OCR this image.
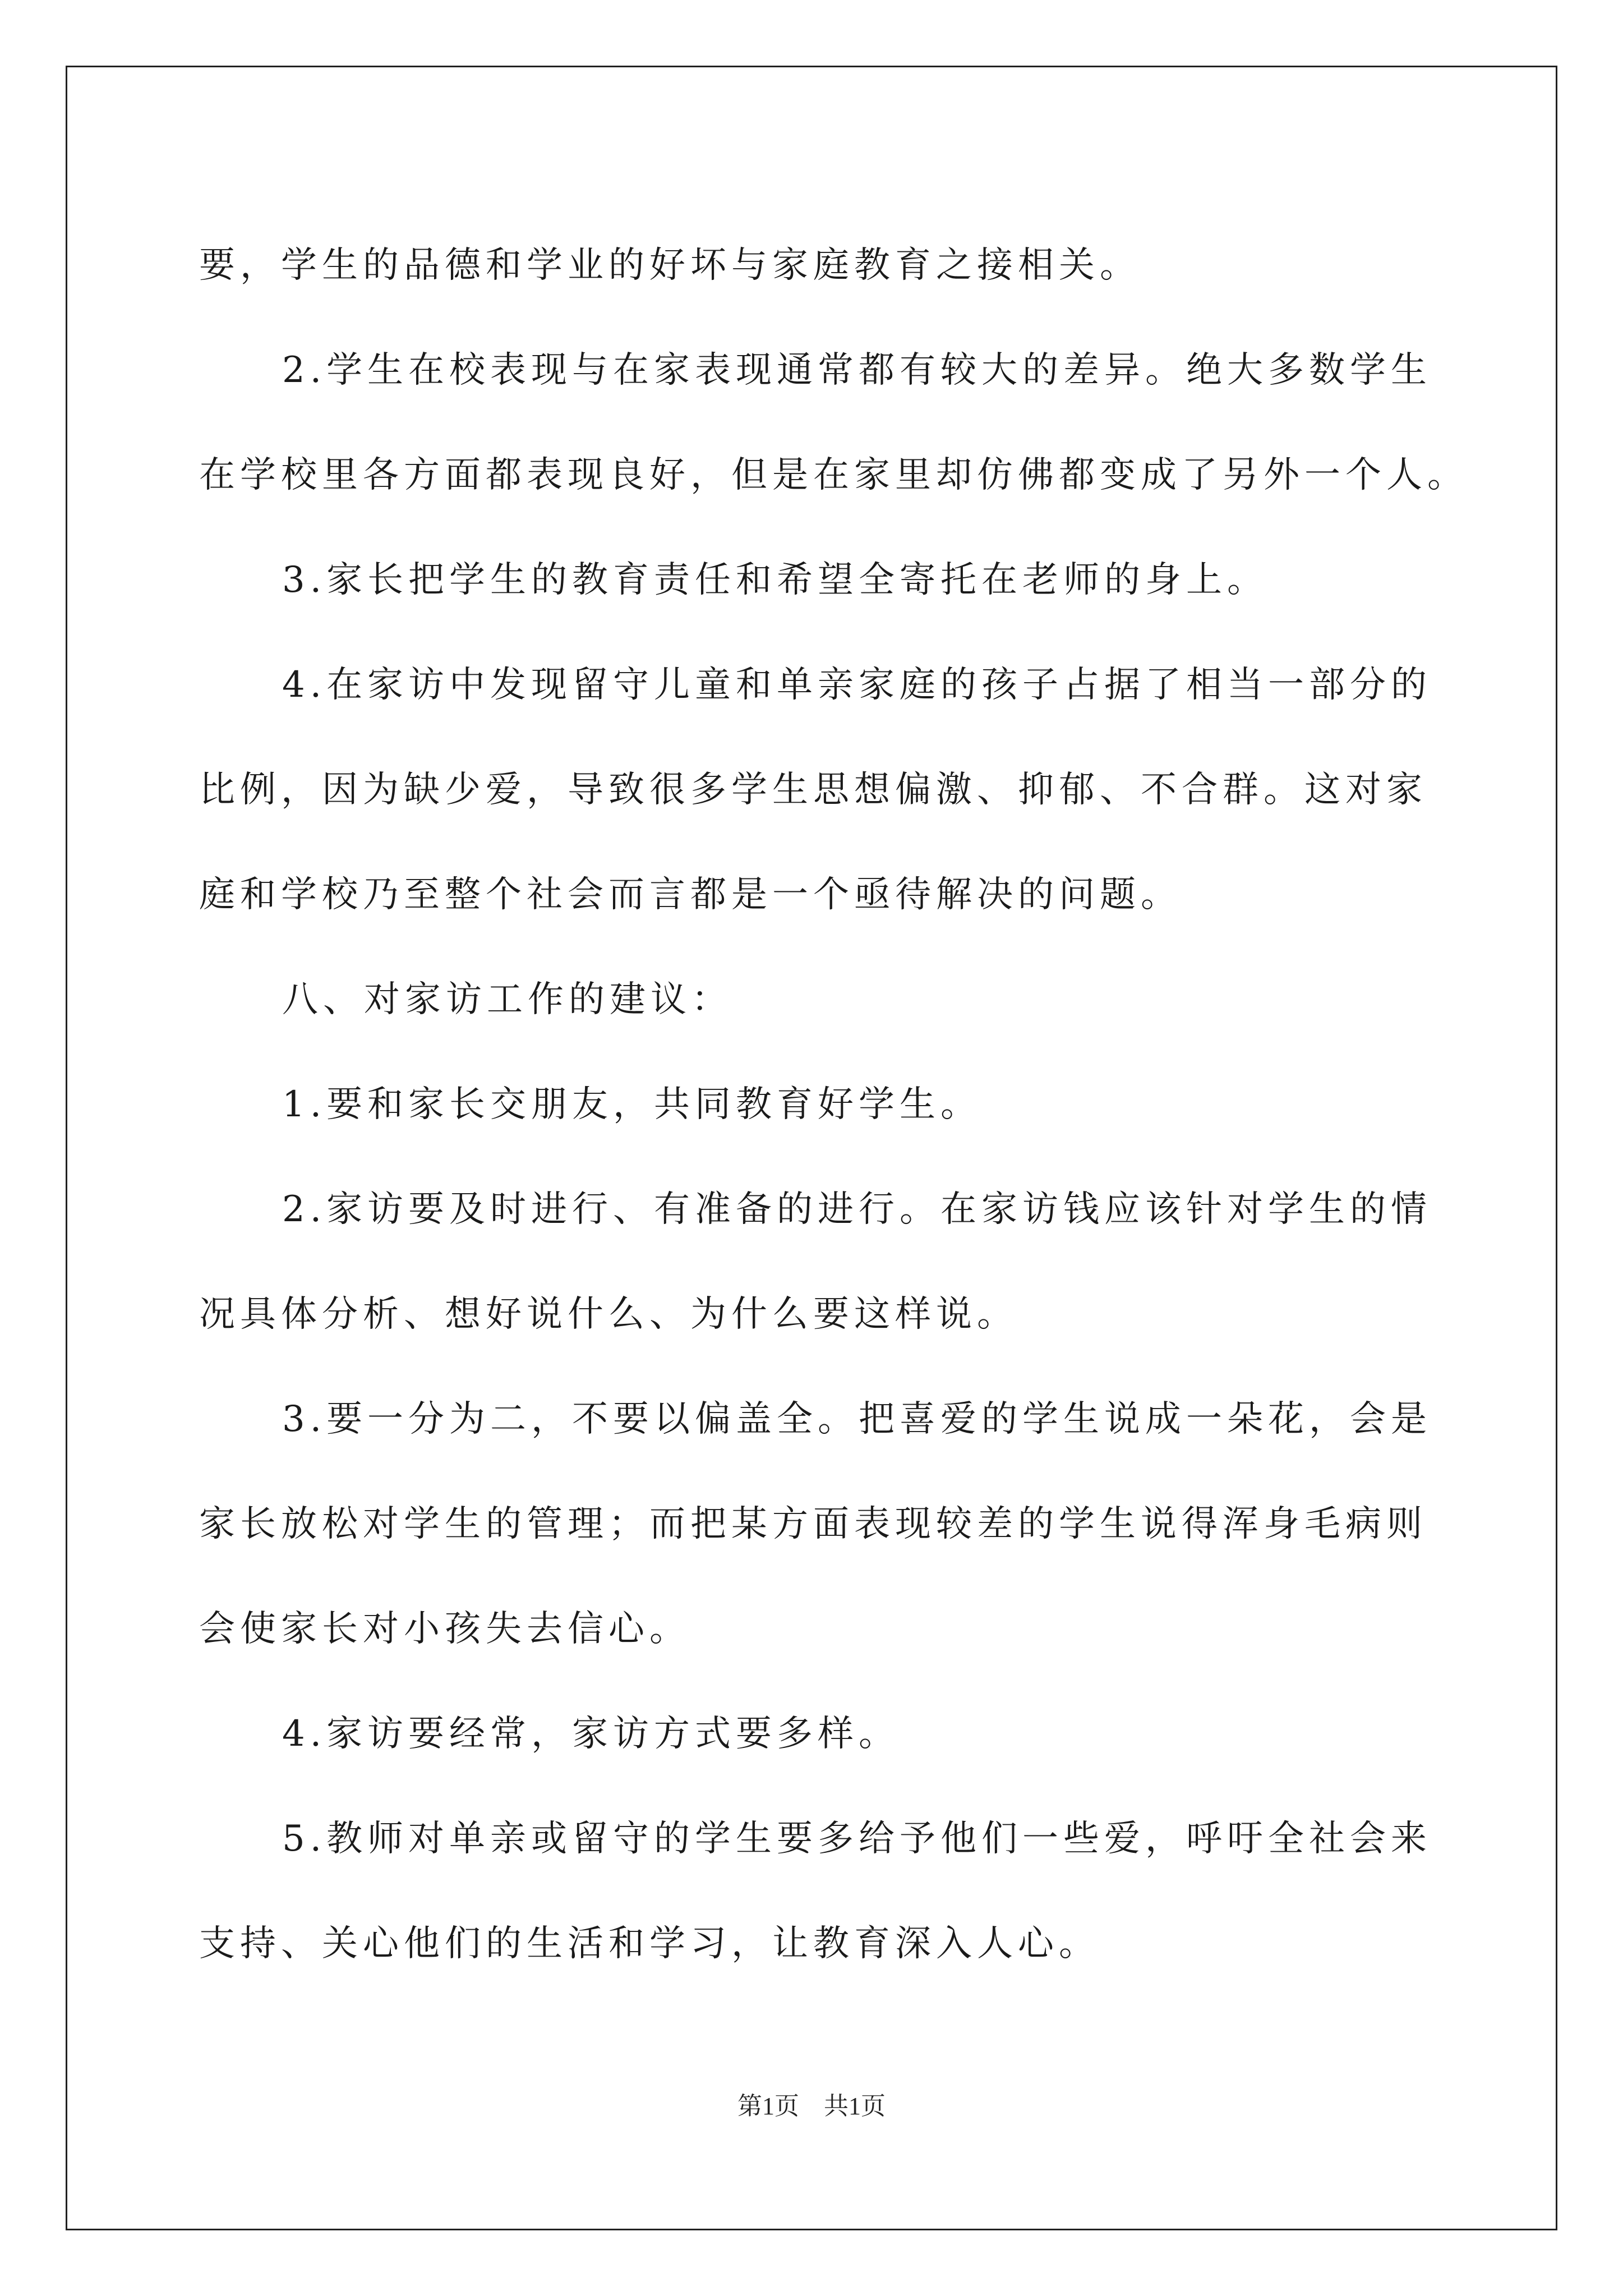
要，学生的品德和学业的好坏与家庭教育之接相关。

2.学生在校表现与在家表现通常都有较大的差异。绝大多数学生

在学校里各方面都表现良好，但是在家里却仿佛都变成了另外一个人。

3.家长把学生的教育责任和希望全寄托在老师的身上。

4.在家访中发现留守儿童和单亲家庭的孩子占据了相当一部分的

比例，因为缺少爱，导致很多学生思想偏激、抑郁、不合群。这对家

庭和学校乃至整个社会而言都是一个亟待解决的问题。

八、对家访工作的建议：

1.要和家长交朋友，共同教育好学生。

2.家访要及时进行、有准备的进行。在家访钱应该针对学生的情

况具体分析、想好说什么、为什么要这样说。

3.要一分为二，不要以偏盖全。把喜爱的学生说成一朵花，会是

家长放松对学生的管理；而把某方面表现较差的学生说得浑身毛病则

会使家长对小孩失去信心。

4.家访要经常，家访方式要多样。

5.教师对单亲或留守的学生要多给予他们一些爱，呼吁全社会来

支持、关心他们的生活和学习，让教育深入人心。

第1页　共1页
